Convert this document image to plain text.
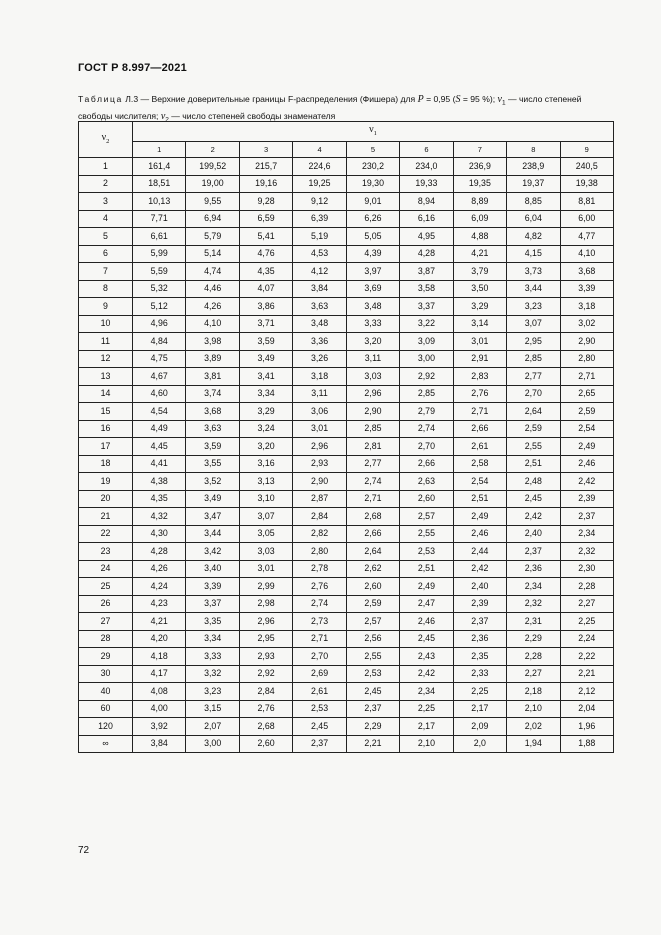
ГОСТ Р 8.997—2021
Таблица Л.3 — Верхние доверительные границы F-распределения (Фишера) для P = 0,95 (S = 95 %); $\nu_1$ — число степеней свободы числителя; $\nu_2$ — число степеней свободы знаменателя
$\nu_2$	$\nu_1$
	1	2	3	4	5	6	7	8	9
1	161,4	199,52	215,7	224,6	230,2	234,0	236,9	238,9	240,5
2	18,51	19,00	19,16	19,25	19,30	19,33	19,35	19,37	19,38
3	10,13	9,55	9,28	9,12	9,01	8,94	8,89	8,85	8,81
4	7,71	6,94	6,59	6,39	6,26	6,16	6,09	6,04	6,00
5	6,61	5,79	5,41	5,19	5,05	4,95	4,88	4,82	4,77
6	5,99	5,14	4,76	4,53	4,39	4,28	4,21	4,15	4,10
7	5,59	4,74	4,35	4,12	3,97	3,87	3,79	3,73	3,68
8	5,32	4,46	4,07	3,84	3,69	3,58	3,50	3,44	3,39
9	5,12	4,26	3,86	3,63	3,48	3,37	3,29	3,23	3,18
10	4,96	4,10	3,71	3,48	3,33	3,22	3,14	3,07	3,02
11	4,84	3,98	3,59	3,36	3,20	3,09	3,01	2,95	2,90
12	4,75	3,89	3,49	3,26	3,11	3,00	2,91	2,85	2,80
13	4,67	3,81	3,41	3,18	3,03	2,92	2,83	2,77	2,71
14	4,60	3,74	3,34	3,11	2,96	2,85	2,76	2,70	2,65
15	4,54	3,68	3,29	3,06	2,90	2,79	2,71	2,64	2,59
16	4,49	3,63	3,24	3,01	2,85	2,74	2,66	2,59	2,54
17	4,45	3,59	3,20	2,96	2,81	2,70	2,61	2,55	2,49
18	4,41	3,55	3,16	2,93	2,77	2,66	2,58	2,51	2,46
19	4,38	3,52	3,13	2,90	2,74	2,63	2,54	2,48	2,42
20	4,35	3,49	3,10	2,87	2,71	2,60	2,51	2,45	2,39
21	4,32	3,47	3,07	2,84	2,68	2,57	2,49	2,42	2,37
22	4,30	3,44	3,05	2,82	2,66	2,55	2,46	2,40	2,34
23	4,28	3,42	3,03	2,80	2,64	2,53	2,44	2,37	2,32
24	4,26	3,40	3,01	2,78	2,62	2,51	2,42	2,36	2,30
25	4,24	3,39	2,99	2,76	2,60	2,49	2,40	2,34	2,28
26	4,23	3,37	2,98	2,74	2,59	2,47	2,39	2,32	2,27
27	4,21	3,35	2,96	2,73	2,57	2,46	2,37	2,31	2,25
28	4,20	3,34	2,95	2,71	2,56	2,45	2,36	2,29	2,24
29	4,18	3,33	2,93	2,70	2,55	2,43	2,35	2,28	2,22
30	4,17	3,32	2,92	2,69	2,53	2,42	2,33	2,27	2,21
40	4,08	3,23	2,84	2,61	2,45	2,34	2,25	2,18	2,12
60	4,00	3,15	2,76	2,53	2,37	2,25	2,17	2,10	2,04
120	3,92	2,07	2,68	2,45	2,29	2,17	2,09	2,02	1,96
∞	3,84	3,00	2,60	2,37	2,21	2,10	2,0	1,94	1,88
72
